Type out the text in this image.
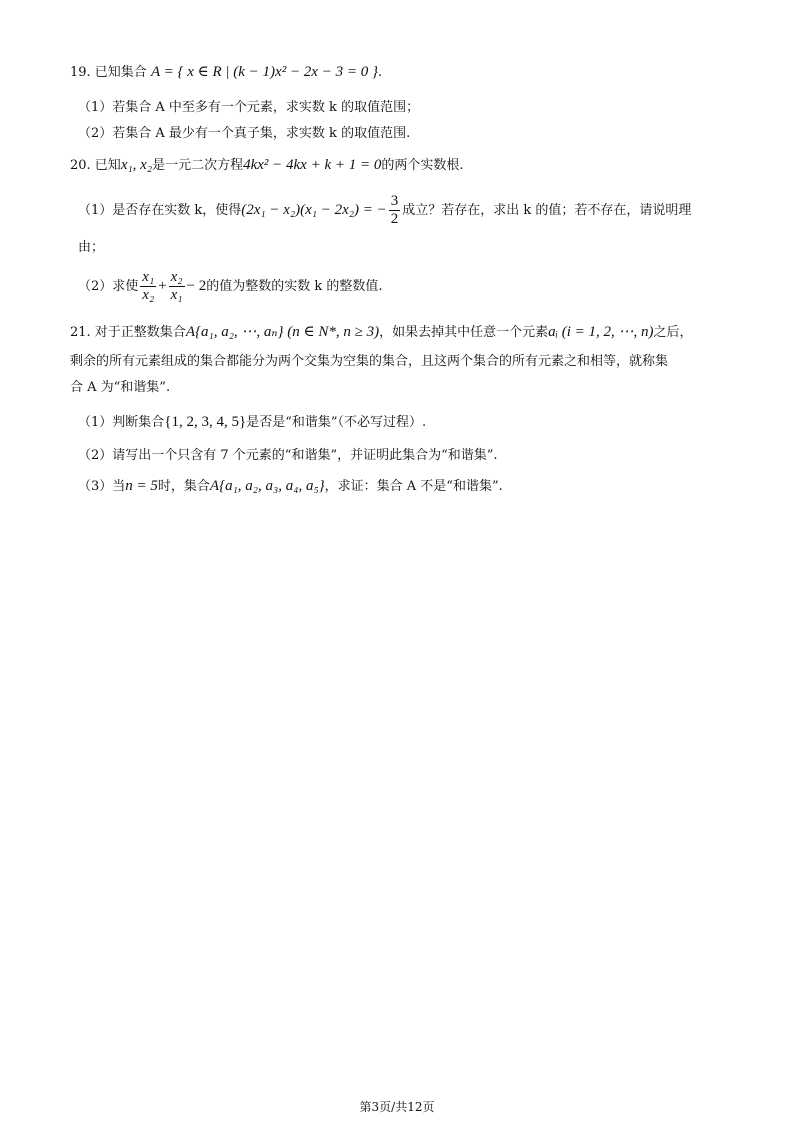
19. 已知集合 A = { x ∈ R | (k − 1)x² − 2x − 3 = 0 }.
（1）若集合 A 中至多有一个元素，求实数 k 的取值范围；
（2）若集合 A 最少有一个真子集，求实数 k 的取值范围.
20. 已知x₁, x₂是一元二次方程4kx² − 4kx + k + 1 = 0的两个实数根.
（1）是否存在实数 k，使得(2x₁ − x₂)(x₁ − 2x₂) = − $\frac{3}{2}$ 成立？若存在，求出 k 的值；若不存在，请说明理
由；
（2）求使 $\frac{\text{x₁}}{\text{x₂}} + \frac{\text{x₂}}{\text{x₁}} - 2$的值为整数的实数 k 的整数值.
21. 对于正整数集合A{a₁, a₂, ⋯, aₙ} (n ∈ N*, n ≥ 3)，如果去掉其中任意一个元素aᵢ (i = 1, 2, ⋯, n)之后，
剩余的所有元素组成的集合都能分为两个交集为空集的集合，且这两个集合的所有元素之和相等，就称集
合 A 为“和谐集”.
（1）判断集合{1, 2, 3, 4, 5}是否是“和谐集”（不必写过程）.
（2）请写出一个只含有 7 个元素的“和谐集”，并证明此集合为“和谐集”.
（3）当n = 5时，集合A{a₁, a₂, a₃, a₄, a₅}，求证：集合 A 不是“和谐集”.
第3页/共12页
